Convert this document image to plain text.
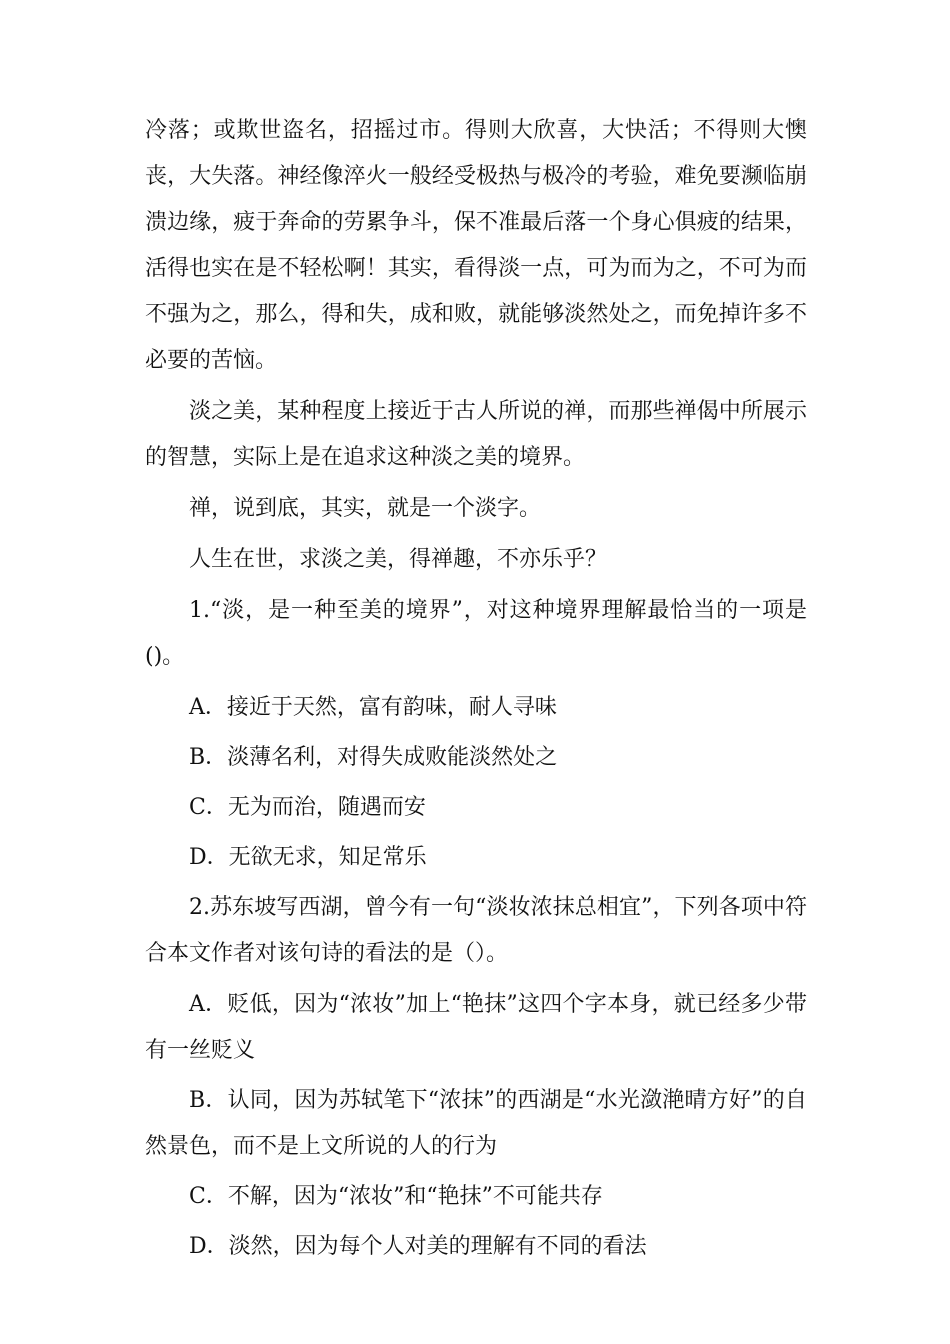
冷落；或欺世盗名，招摇过市。得则大欣喜，大快活；不得则大懊丧，大失落。神经像淬火一般经受极热与极冷的考验，难免要濒临崩溃边缘，疲于奔命的劳累争斗，保不准最后落一个身心俱疲的结果，活得也实在是不轻松啊！其实，看得淡一点，可为而为之，不可为而不强为之，那么，得和失，成和败，就能够淡然处之，而免掉许多不必要的苦恼。

淡之美，某种程度上接近于古人所说的禅，而那些禅偈中所展示的智慧，实际上是在追求这种淡之美的境界。

禅，说到底，其实，就是一个淡字。

人生在世，求淡之美，得禅趣，不亦乐乎？

1.“淡，是一种至美的境界”，对这种境界理解最恰当的一项是()。

A．接近于天然，富有韵味，耐人寻味

B．淡薄名利，对得失成败能淡然处之

C．无为而治，随遇而安

D．无欲无求，知足常乐

2.苏东坡写西湖，曾今有一句“淡妆浓抹总相宜”，下列各项中符合本文作者对该句诗的看法的是（）。

A．贬低，因为“浓妆”加上“艳抹”这四个字本身，就已经多少带有一丝贬义

B．认同，因为苏轼笔下“浓抹”的西湖是“水光潋滟晴方好”的自然景色，而不是上文所说的人的行为

C．不解，因为“浓妆”和“艳抹”不可能共存

D．淡然，因为每个人对美的理解有不同的看法
